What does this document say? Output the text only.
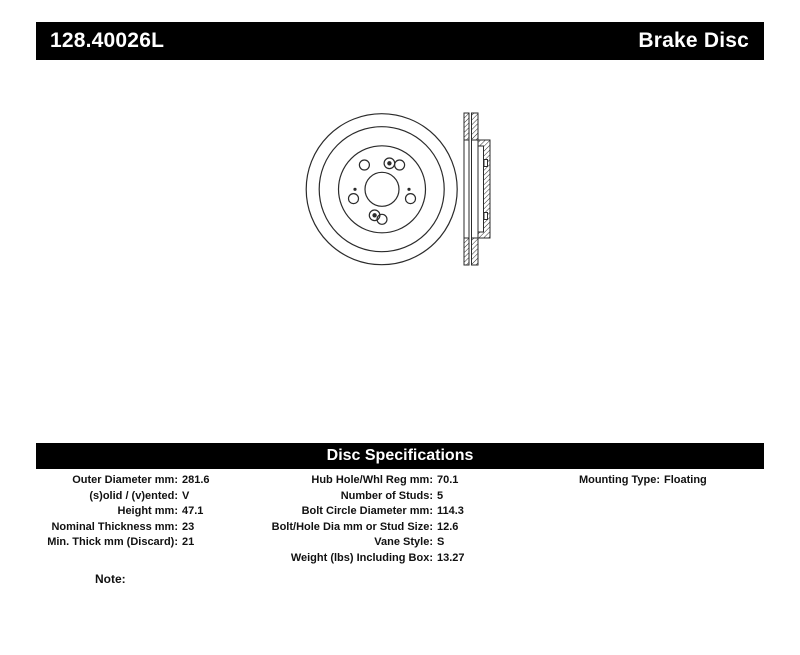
128.40026L	Brake Disc
Disc Specifications
Outer Diameter mm: 281.6
(s)olid / (v)ented: V
Height mm: 47.1
Nominal Thickness mm: 23
Min. Thick mm (Discard): 21
Hub Hole/Whl Reg mm: 70.1
Number of Studs: 5
Bolt Circle Diameter mm: 114.3
Bolt/Hole Dia mm or Stud Size: 12.6
Vane Style: S
Weight (lbs) Including Box: 13.27
Mounting Type: Floating
Note:
